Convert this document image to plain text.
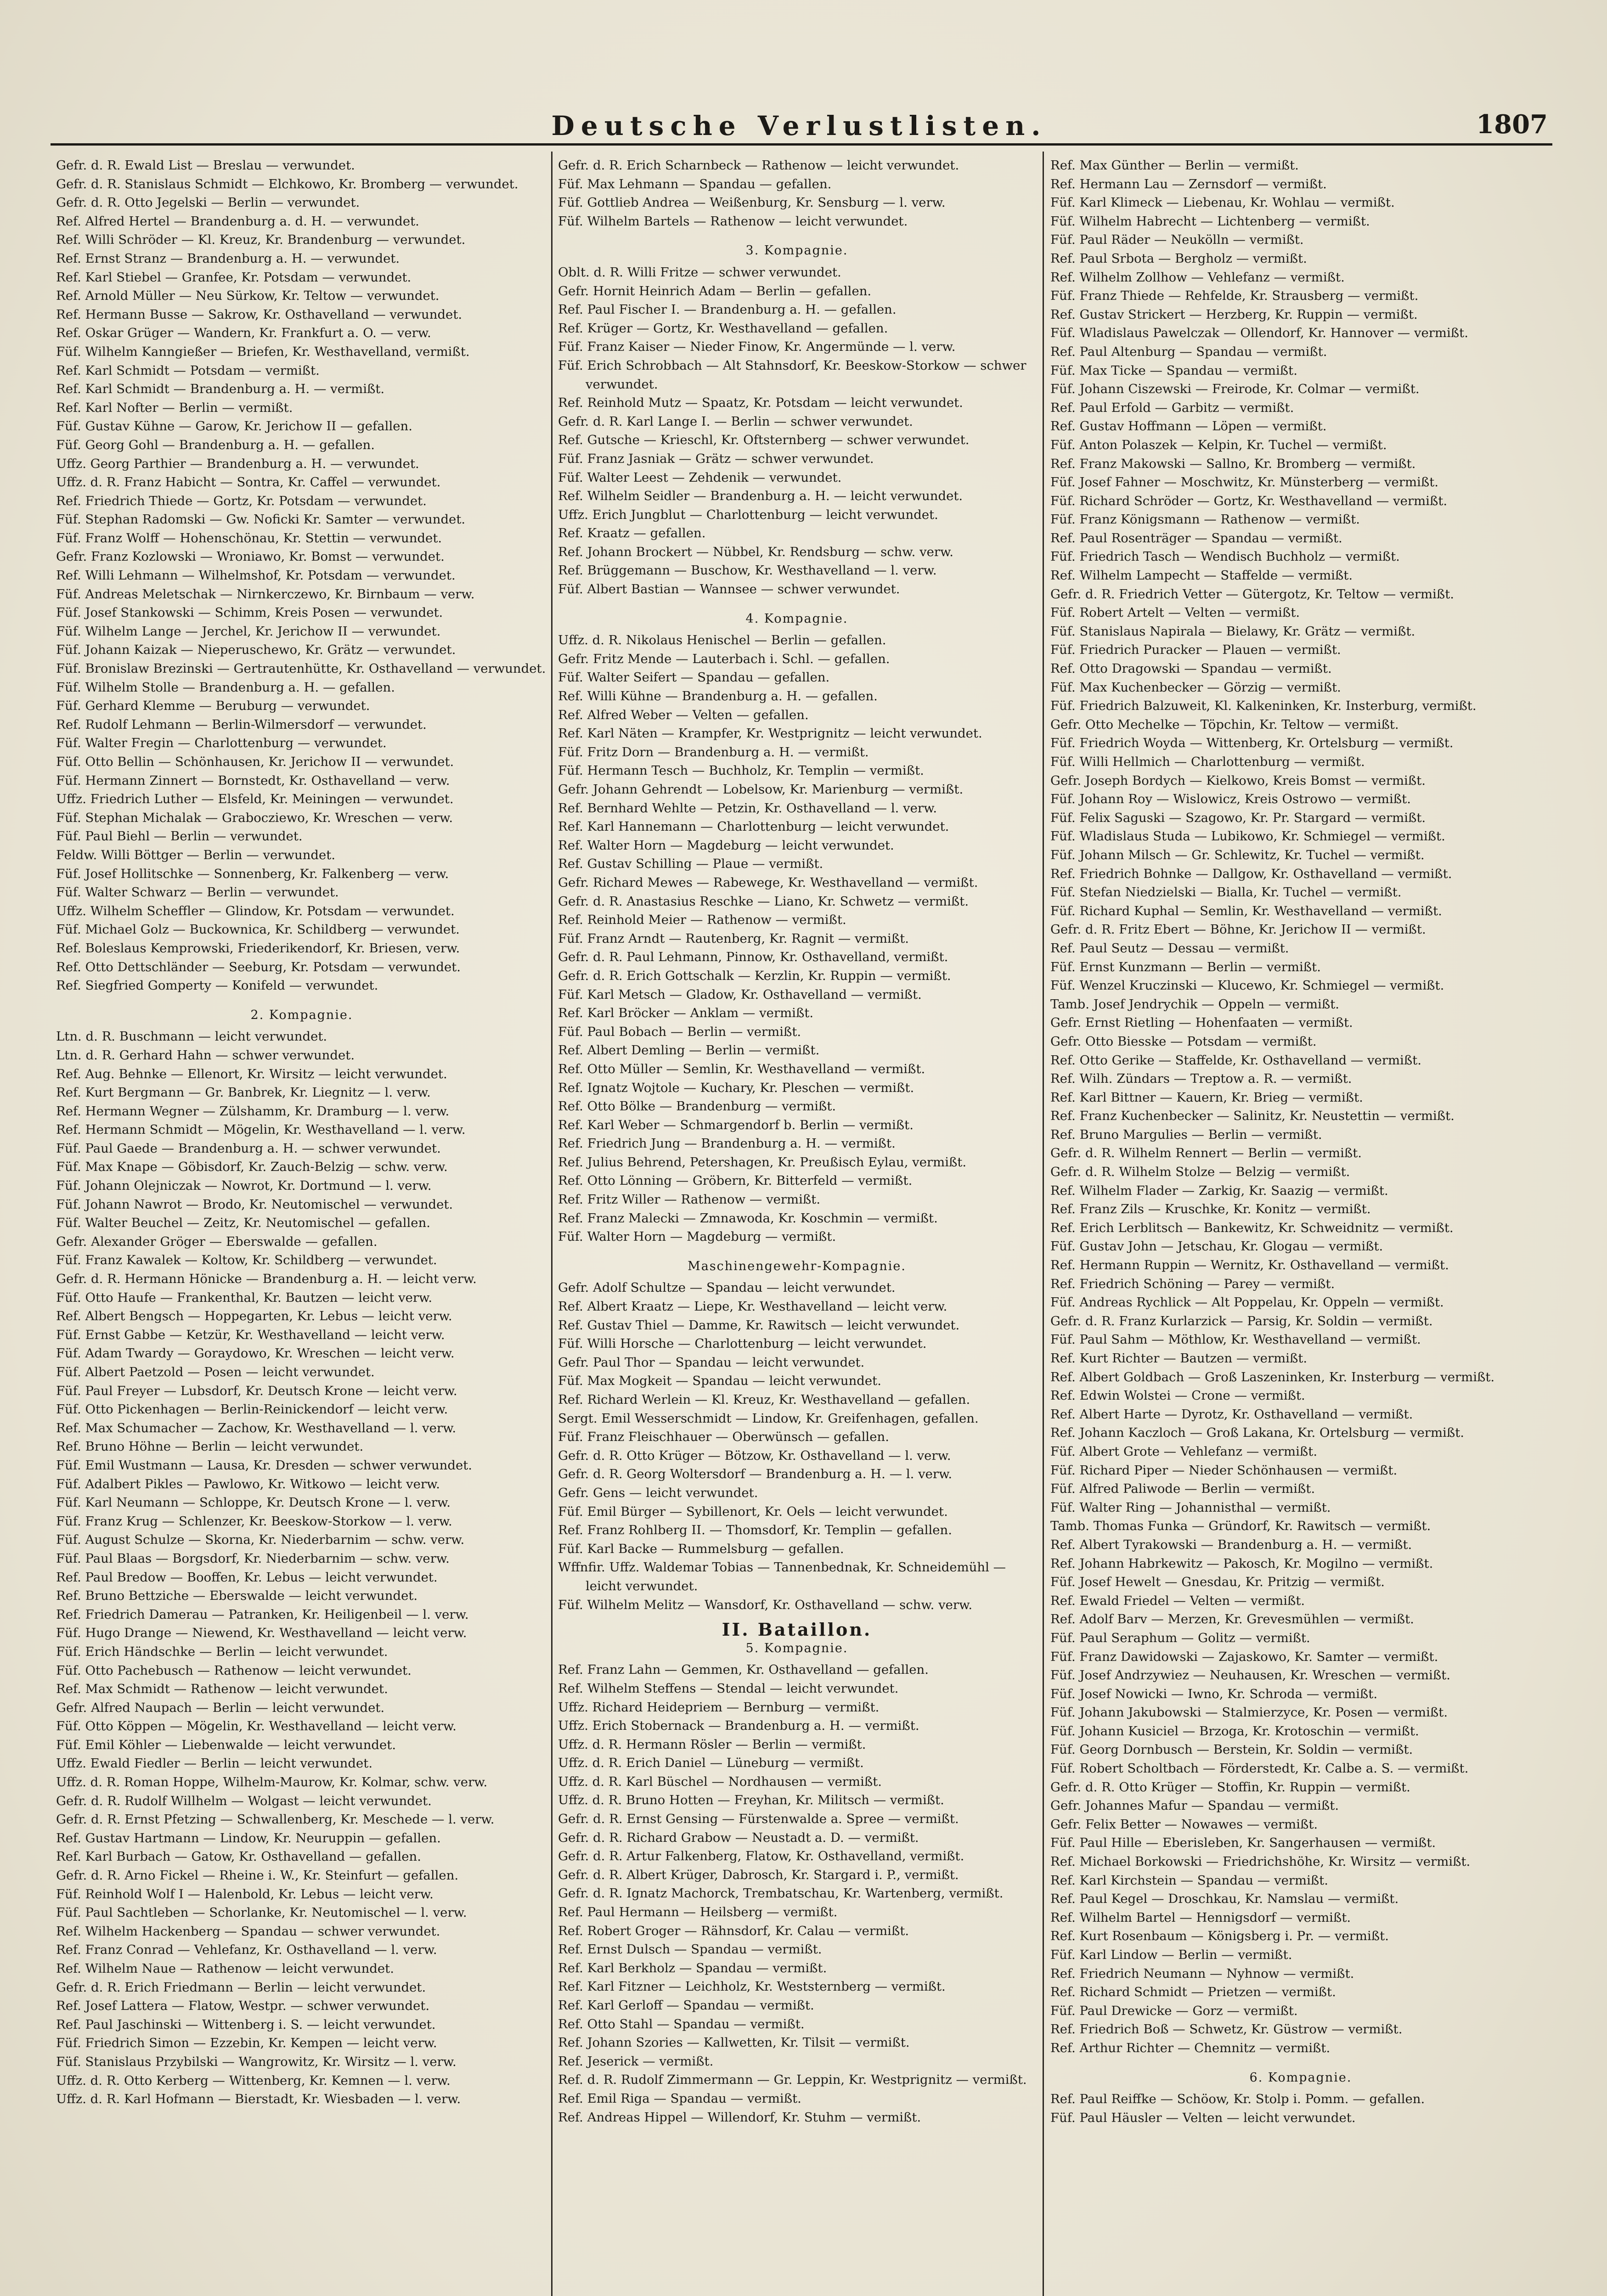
Deutsche Verlustlisten.	1807
Gefr. d. R. Ewald List — Breslau — verwundet.
Gefr. d. R. Stanislaus Schmidt — Elchkowo, Kr. Bromberg — verwundet.
Gefr. d. R. Otto Jegelski — Berlin — verwundet.
Ref. Alfred Hertel — Brandenburg a. d. H. — verwundet.
Ref. Willi Schröder — Kl. Kreuz, Kr. Brandenburg — verwundet.
Ref. Ernst Stranz — Brandenburg a. H. — verwundet.
Ref. Karl Stiebel — Granfee, Kr. Potsdam — verwundet.
Ref. Arnold Müller — Neu Sürkow, Kr. Teltow — verwundet.
Ref. Hermann Busse — Sakrow, Kr. Osthavelland — verwundet.
Ref. Oskar Grüger — Wandern, Kr. Frankfurt a. O. — verw.
Füf. Wilhelm Kanngießer — Briefen, Kr. Westhavelland, vermißt.
Ref. Karl Schmidt — Potsdam — vermißt.
Ref. Karl Schmidt — Brandenburg a. H. — vermißt.
Ref. Karl Nofter — Berlin — vermißt.
Füf. Gustav Kühne — Garow, Kr. Jerichow II — gefallen.
Füf. Georg Gohl — Brandenburg a. H. — gefallen.
Uffz. Georg Parthier — Brandenburg a. H. — verwundet.
Uffz. d. R. Franz Habicht — Sontra, Kr. Caffel — verwundet.
Ref. Friedrich Thiede — Gortz, Kr. Potsdam — verwundet.
Füf. Stephan Radomski — Gw. Noficki Kr. Samter — verwundet.
Füf. Franz Wolff — Hohenschönau, Kr. Stettin — verwundet.
Gefr. Franz Kozlowski — Wroniawo, Kr. Bomst — verwundet.
Ref. Willi Lehmann — Wilhelmshof, Kr. Potsdam — verwundet.
Füf. Andreas Meletschak — Nirnkerczewo, Kr. Birnbaum — verw.
Füf. Josef Stankowski — Schimm, Kreis Posen — verwundet.
Füf. Wilhelm Lange — Jerchel, Kr. Jerichow II — verwundet.
Füf. Johann Kaizak — Nieperuschewo, Kr. Grätz — verwundet.
Füf. Bronislaw Brezinski — Gertrautenhütte, Kr. Osthavelland — verwundet.
Füf. Wilhelm Stolle — Brandenburg a. H. — gefallen.
Füf. Gerhard Klemme — Beruburg — verwundet.
Ref. Rudolf Lehmann — Berlin-Wilmersdorf — verwundet.
Füf. Walter Fregin — Charlottenburg — verwundet.
Füf. Otto Bellin — Schönhausen, Kr. Jerichow II — verwundet.
Füf. Hermann Zinnert — Bornstedt, Kr. Osthavelland — verw.
Uffz. Friedrich Luther — Elsfeld, Kr. Meiningen — verwundet.
Füf. Stephan Michalak — Grabocziewo, Kr. Wreschen — verw.
Füf. Paul Biehl — Berlin — verwundet.
Feldw. Willi Böttger — Berlin — verwundet.
Füf. Josef Hollitschke — Sonnenberg, Kr. Falkenberg — verw.
Füf. Walter Schwarz — Berlin — verwundet.
Uffz. Wilhelm Scheffler — Glindow, Kr. Potsdam — verwundet.
Füf. Michael Golz — Buckownica, Kr. Schildberg — verwundet.
Ref. Boleslaus Kemprowski, Friederikendorf, Kr. Briesen, verw.
Ref. Otto Dettschländer — Seeburg, Kr. Potsdam — verwundet.
Ref. Siegfried Gomperty — Konifeld — verwundet.
2. Kompagnie.
Ltn. d. R. Buschmann — leicht verwundet.
Ltn. d. R. Gerhard Hahn — schwer verwundet.
Ref. Aug. Behnke — Ellenort, Kr. Wirsitz — leicht verwundet.
Ref. Kurt Bergmann — Gr. Banbrek, Kr. Liegnitz — l. verw.
Ref. Hermann Wegner — Zülshamm, Kr. Dramburg — l. verw.
Ref. Hermann Schmidt — Mögelin, Kr. Westhavelland — l. verw.
Füf. Paul Gaede — Brandenburg a. H. — schwer verwundet.
Füf. Max Knape — Göbisdorf, Kr. Zauch-Belzig — schw. verw.
Füf. Johann Olejniczak — Nowrot, Kr. Dortmund — l. verw.
Füf. Johann Nawrot — Brodo, Kr. Neutomischel — verwundet.
Füf. Walter Beuchel — Zeitz, Kr. Neutomischel — gefallen.
Gefr. Alexander Gröger — Eberswalde — gefallen.
Füf. Franz Kawalek — Koltow, Kr. Schildberg — verwundet.
Gefr. d. R. Hermann Hönicke — Brandenburg a. H. — leicht verw.
Füf. Otto Haufe — Frankenthal, Kr. Bautzen — leicht verw.
Ref. Albert Bengsch — Hoppegarten, Kr. Lebus — leicht verw.
Füf. Ernst Gabbe — Ketzür, Kr. Westhavelland — leicht verw.
Füf. Adam Twardy — Goraydowo, Kr. Wreschen — leicht verw.
Füf. Albert Paetzold — Posen — leicht verwundet.
Füf. Paul Freyer — Lubsdorf, Kr. Deutsch Krone — leicht verw.
Füf. Otto Pickenhagen — Berlin-Reinickendorf — leicht verw.
Ref. Max Schumacher — Zachow, Kr. Westhavelland — l. verw.
Ref. Bruno Höhne — Berlin — leicht verwundet.
Füf. Emil Wustmann — Lausa, Kr. Dresden — schwer verwundet.
Füf. Adalbert Pikles — Pawlowo, Kr. Witkowo — leicht verw.
Füf. Karl Neumann — Schloppe, Kr. Deutsch Krone — l. verw.
Füf. Franz Krug — Schlenzer, Kr. Beeskow-Storkow — l. verw.
Füf. August Schulze — Skorna, Kr. Niederbarnim — schw. verw.
Füf. Paul Blaas — Borgsdorf, Kr. Niederbarnim — schw. verw.
Ref. Paul Bredow — Booffen, Kr. Lebus — leicht verwundet.
Ref. Bruno Bettziche — Eberswalde — leicht verwundet.
Ref. Friedrich Damerau — Patranken, Kr. Heiligenbeil — l. verw.
Füf. Hugo Drange — Niewend, Kr. Westhavelland — leicht verw.
Füf. Erich Händschke — Berlin — leicht verwundet.
Füf. Otto Pachebusch — Rathenow — leicht verwundet.
Ref. Max Schmidt — Rathenow — leicht verwundet.
Gefr. Alfred Naupach — Berlin — leicht verwundet.
Füf. Otto Köppen — Mögelin, Kr. Westhavelland — leicht verw.
Füf. Emil Köhler — Liebenwalde — leicht verwundet.
Uffz. Ewald Fiedler — Berlin — leicht verwundet.
Uffz. d. R. Roman Hoppe, Wilhelm-Maurow, Kr. Kolmar, schw. verw.
Gefr. d. R. Rudolf Willhelm — Wolgast — leicht verwundet.
Gefr. d. R. Ernst Pfetzing — Schwallenberg, Kr. Meschede — l. verw.
Ref. Gustav Hartmann — Lindow, Kr. Neuruppin — gefallen.
Ref. Karl Burbach — Gatow, Kr. Osthavelland — gefallen.
Gefr. d. R. Arno Fickel — Rheine i. W., Kr. Steinfurt — gefallen.
Füf. Reinhold Wolf I — Halenbold, Kr. Lebus — leicht verw.
Füf. Paul Sachtleben — Schorlanke, Kr. Neutomischel — l. verw.
Ref. Wilhelm Hackenberg — Spandau — schwer verwundet.
Ref. Franz Conrad — Vehlefanz, Kr. Osthavelland — l. verw.
Ref. Wilhelm Naue — Rathenow — leicht verwundet.
Gefr. d. R. Erich Friedmann — Berlin — leicht verwundet.
Ref. Josef Lattera — Flatow, Westpr. — schwer verwundet.
Ref. Paul Jaschinski — Wittenberg i. S. — leicht verwundet.
Füf. Friedrich Simon — Ezzebin, Kr. Kempen — leicht verw.
Füf. Stanislaus Przybilski — Wangrowitz, Kr. Wirsitz — l. verw.
Uffz. d. R. Otto Kerberg — Wittenberg, Kr. Kemnen — l. verw.
Uffz. d. R. Karl Hofmann — Bierstadt, Kr. Wiesbaden — l. verw.
Gefr. d. R. Erich Scharnbeck — Rathenow — leicht verwundet.
Füf. Max Lehmann — Spandau — gefallen.
Füf. Gottlieb Andrea — Weißenburg, Kr. Sensburg — l. verw.
Füf. Wilhelm Bartels — Rathenow — leicht verwundet.
3. Kompagnie.
Oblt. d. R. Willi Fritze — schwer verwundet.
Gefr. Hornit Heinrich Adam — Berlin — gefallen.
Ref. Paul Fischer I. — Brandenburg a. H. — gefallen.
Ref. Krüger — Gortz, Kr. Westhavelland — gefallen.
Füf. Franz Kaiser — Nieder Finow, Kr. Angermünde — l. verw.
Füf. Erich Schrobbach — Alt Stahnsdorf, Kr. Beeskow-Storkow — schwer verwundet.
Ref. Reinhold Mutz — Spaatz, Kr. Potsdam — leicht verwundet.
Gefr. d. R. Karl Lange I. — Berlin — schwer verwundet.
Ref. Gutsche — Krieschl, Kr. Oftsternberg — schwer verwundet.
Füf. Franz Jasniak — Grätz — schwer verwundet.
Füf. Walter Leest — Zehdenik — verwundet.
Ref. Wilhelm Seidler — Brandenburg a. H. — leicht verwundet.
Uffz. Erich Jungblut — Charlottenburg — leicht verwundet.
Ref. Kraatz — gefallen.
Ref. Johann Brockert — Nübbel, Kr. Rendsburg — schw. verw.
Ref. Brüggemann — Buschow, Kr. Westhavelland — l. verw.
Füf. Albert Bastian — Wannsee — schwer verwundet.
4. Kompagnie.
Uffz. d. R. Nikolaus Henischel — Berlin — gefallen.
Gefr. Fritz Mende — Lauterbach i. Schl. — gefallen.
Füf. Walter Seifert — Spandau — gefallen.
Ref. Willi Kühne — Brandenburg a. H. — gefallen.
Ref. Alfred Weber — Velten — gefallen.
Ref. Karl Näten — Krampfer, Kr. Westprignitz — leicht verwundet.
Füf. Fritz Dorn — Brandenburg a. H. — vermißt.
Füf. Hermann Tesch — Buchholz, Kr. Templin — vermißt.
Gefr. Johann Gehrendt — Lobelsow, Kr. Marienburg — vermißt.
Ref. Bernhard Wehlte — Petzin, Kr. Osthavelland — l. verw.
Ref. Karl Hannemann — Charlottenburg — leicht verwundet.
Ref. Walter Horn — Magdeburg — leicht verwundet.
Ref. Gustav Schilling — Plaue — vermißt.
Gefr. Richard Mewes — Rabewege, Kr. Westhavelland — vermißt.
Gefr. d. R. Anastasius Reschke — Liano, Kr. Schwetz — vermißt.
Ref. Reinhold Meier — Rathenow — vermißt.
Füf. Franz Arndt — Rautenberg, Kr. Ragnit — vermißt.
Gefr. d. R. Paul Lehmann, Pinnow, Kr. Osthavelland, vermißt.
Gefr. d. R. Erich Gottschalk — Kerzlin, Kr. Ruppin — vermißt.
Füf. Karl Metsch — Gladow, Kr. Osthavelland — vermißt.
Ref. Karl Bröcker — Anklam — vermißt.
Füf. Paul Bobach — Berlin — vermißt.
Ref. Albert Demling — Berlin — vermißt.
Ref. Otto Müller — Semlin, Kr. Westhavelland — vermißt.
Ref. Ignatz Wojtole — Kuchary, Kr. Pleschen — vermißt.
Ref. Otto Bölke — Brandenburg — vermißt.
Ref. Karl Weber — Schmargendorf b. Berlin — vermißt.
Ref. Friedrich Jung — Brandenburg a. H. — vermißt.
Ref. Julius Behrend, Petershagen, Kr. Preußisch Eylau, vermißt.
Ref. Otto Lönning — Gröbern, Kr. Bitterfeld — vermißt.
Ref. Fritz Willer — Rathenow — vermißt.
Ref. Franz Malecki — Zmnawoda, Kr. Koschmin — vermißt.
Füf. Walter Horn — Magdeburg — vermißt.
Maschinengewehr-Kompagnie.
Gefr. Adolf Schultze — Spandau — leicht verwundet.
Ref. Albert Kraatz — Liepe, Kr. Westhavelland — leicht verw.
Ref. Gustav Thiel — Damme, Kr. Rawitsch — leicht verwundet.
Füf. Willi Horsche — Charlottenburg — leicht verwundet.
Gefr. Paul Thor — Spandau — leicht verwundet.
Füf. Max Mogkeit — Spandau — leicht verwundet.
Ref. Richard Werlein — Kl. Kreuz, Kr. Westhavelland — gefallen.
Sergt. Emil Wesserschmidt — Lindow, Kr. Greifenhagen, gefallen.
Füf. Franz Fleischhauer — Oberwünsch — gefallen.
Gefr. d. R. Otto Krüger — Bötzow, Kr. Osthavelland — l. verw.
Gefr. d. R. Georg Woltersdorf — Brandenburg a. H. — l. verw.
Gefr. Gens — leicht verwundet.
Füf. Emil Bürger — Sybillenort, Kr. Oels — leicht verwundet.
Ref. Franz Rohlberg II. — Thomsdorf, Kr. Templin — gefallen.
Füf. Karl Backe — Rummelsburg — gefallen.
Wffnfir. Uffz. Waldemar Tobias — Tannenbednak, Kr. Schneidemühl — leicht verwundet.
Füf. Wilhelm Melitz — Wansdorf, Kr. Osthavelland — schw. verw.
II. Bataillon.
5. Kompagnie.
Ref. Franz Lahn — Gemmen, Kr. Osthavelland — gefallen.
Ref. Wilhelm Steffens — Stendal — leicht verwundet.
Uffz. Richard Heidepriem — Bernburg — vermißt.
Uffz. Erich Stobernack — Brandenburg a. H. — vermißt.
Uffz. d. R. Hermann Rösler — Berlin — vermißt.
Uffz. d. R. Erich Daniel — Lüneburg — vermißt.
Uffz. d. R. Karl Büschel — Nordhausen — vermißt.
Uffz. d. R. Bruno Hotten — Freyhan, Kr. Militsch — vermißt.
Gefr. d. R. Ernst Gensing — Fürstenwalde a. Spree — vermißt.
Gefr. d. R. Richard Grabow — Neustadt a. D. — vermißt.
Gefr. d. R. Artur Falkenberg, Flatow, Kr. Osthavelland, vermißt.
Gefr. d. R. Albert Krüger, Dabrosch, Kr. Stargard i. P., vermißt.
Gefr. d. R. Ignatz Machorck, Trembatschau, Kr. Wartenberg, vermißt.
Ref. Paul Hermann — Heilsberg — vermißt.
Ref. Robert Groger — Rähnsdorf, Kr. Calau — vermißt.
Ref. Ernst Dulsch — Spandau — vermißt.
Ref. Karl Berkholz — Spandau — vermißt.
Ref. Karl Fitzner — Leichholz, Kr. Weststernberg — vermißt.
Ref. Karl Gerloff — Spandau — vermißt.
Ref. Otto Stahl — Spandau — vermißt.
Ref. Johann Szories — Kallwetten, Kr. Tilsit — vermißt.
Ref. Jeserick — vermißt.
Ref. d. R. Rudolf Zimmermann — Gr. Leppin, Kr. Westprignitz — vermißt.
Ref. Emil Riga — Spandau — vermißt.
Ref. Andreas Hippel — Willendorf, Kr. Stuhm — vermißt.
Ref. Max Günther — Berlin — vermißt.
Ref. Hermann Lau — Zernsdorf — vermißt.
Füf. Karl Klimeck — Liebenau, Kr. Wohlau — vermißt.
Füf. Wilhelm Habrecht — Lichtenberg — vermißt.
Füf. Paul Räder — Neukölln — vermißt.
Ref. Paul Srbota — Bergholz — vermißt.
Ref. Wilhelm Zollhow — Vehlefanz — vermißt.
Füf. Franz Thiede — Rehfelde, Kr. Strausberg — vermißt.
Ref. Gustav Strickert — Herzberg, Kr. Ruppin — vermißt.
Füf. Wladislaus Pawelczak — Ollendorf, Kr. Hannover — vermißt.
Ref. Paul Altenburg — Spandau — vermißt.
Füf. Max Ticke — Spandau — vermißt.
Füf. Johann Ciszewski — Freirode, Kr. Colmar — vermißt.
Ref. Paul Erfold — Garbitz — vermißt.
Ref. Gustav Hoffmann — Löpen — vermißt.
Füf. Anton Polaszek — Kelpin, Kr. Tuchel — vermißt.
Ref. Franz Makowski — Sallno, Kr. Bromberg — vermißt.
Füf. Josef Fahner — Moschwitz, Kr. Münsterberg — vermißt.
Füf. Richard Schröder — Gortz, Kr. Westhavelland — vermißt.
Füf. Franz Königsmann — Rathenow — vermißt.
Ref. Paul Rosenträger — Spandau — vermißt.
Füf. Friedrich Tasch — Wendisch Buchholz — vermißt.
Ref. Wilhelm Lampecht — Staffelde — vermißt.
Gefr. d. R. Friedrich Vetter — Gütergotz, Kr. Teltow — vermißt.
Füf. Robert Artelt — Velten — vermißt.
Füf. Stanislaus Napirala — Bielawy, Kr. Grätz — vermißt.
Füf. Friedrich Puracker — Plauen — vermißt.
Ref. Otto Dragowski — Spandau — vermißt.
Füf. Max Kuchenbecker — Görzig — vermißt.
Füf. Friedrich Balzuweit, Kl. Kalkeninken, Kr. Insterburg, vermißt.
Gefr. Otto Mechelke — Töpchin, Kr. Teltow — vermißt.
Füf. Friedrich Woyda — Wittenberg, Kr. Ortelsburg — vermißt.
Füf. Willi Hellmich — Charlottenburg — vermißt.
Gefr. Joseph Bordych — Kielkowo, Kreis Bomst — vermißt.
Füf. Johann Roy — Wislowicz, Kreis Ostrowo — vermißt.
Füf. Felix Saguski — Szagowo, Kr. Pr. Stargard — vermißt.
Füf. Wladislaus Studa — Lubikowo, Kr. Schmiegel — vermißt.
Füf. Johann Milsch — Gr. Schlewitz, Kr. Tuchel — vermißt.
Ref. Friedrich Bohnke — Dallgow, Kr. Osthavelland — vermißt.
Füf. Stefan Niedzielski — Bialla, Kr. Tuchel — vermißt.
Füf. Richard Kuphal — Semlin, Kr. Westhavelland — vermißt.
Gefr. d. R. Fritz Ebert — Böhne, Kr. Jerichow II — vermißt.
Ref. Paul Seutz — Dessau — vermißt.
Füf. Ernst Kunzmann — Berlin — vermißt.
Füf. Wenzel Kruczinski — Klucewo, Kr. Schmiegel — vermißt.
Tamb. Josef Jendrychik — Oppeln — vermißt.
Gefr. Ernst Rietling — Hohenfaaten — vermißt.
Gefr. Otto Biesske — Potsdam — vermißt.
Ref. Otto Gerike — Staffelde, Kr. Osthavelland — vermißt.
Ref. Wilh. Zündars — Treptow a. R. — vermißt.
Ref. Karl Bittner — Kauern, Kr. Brieg — vermißt.
Ref. Franz Kuchenbecker — Salinitz, Kr. Neustettin — vermißt.
Ref. Bruno Margulies — Berlin — vermißt.
Gefr. d. R. Wilhelm Rennert — Berlin — vermißt.
Gefr. d. R. Wilhelm Stolze — Belzig — vermißt.
Ref. Wilhelm Flader — Zarkig, Kr. Saazig — vermißt.
Ref. Franz Zils — Kruschke, Kr. Konitz — vermißt.
Ref. Erich Lerblitsch — Bankewitz, Kr. Schweidnitz — vermißt.
Füf. Gustav John — Jetschau, Kr. Glogau — vermißt.
Ref. Hermann Ruppin — Wernitz, Kr. Osthavelland — vermißt.
Ref. Friedrich Schöning — Parey — vermißt.
Füf. Andreas Rychlick — Alt Poppelau, Kr. Oppeln — vermißt.
Gefr. d. R. Franz Kurlarzick — Parsig, Kr. Soldin — vermißt.
Füf. Paul Sahm — Möthlow, Kr. Westhavelland — vermißt.
Ref. Kurt Richter — Bautzen — vermißt.
Ref. Albert Goldbach — Groß Laszeninken, Kr. Insterburg — vermißt.
Ref. Edwin Wolstei — Crone — vermißt.
Ref. Albert Harte — Dyrotz, Kr. Osthavelland — vermißt.
Ref. Johann Kaczloch — Groß Lakana, Kr. Ortelsburg — vermißt.
Füf. Albert Grote — Vehlefanz — vermißt.
Füf. Richard Piper — Nieder Schönhausen — vermißt.
Füf. Alfred Paliwode — Berlin — vermißt.
Füf. Walter Ring — Johannisthal — vermißt.
Tamb. Thomas Funka — Gründorf, Kr. Rawitsch — vermißt.
Ref. Albert Tyrakowski — Brandenburg a. H. — vermißt.
Ref. Johann Habrkewitz — Pakosch, Kr. Mogilno — vermißt.
Füf. Josef Hewelt — Gnesdau, Kr. Pritzig — vermißt.
Ref. Ewald Friedel — Velten — vermißt.
Ref. Adolf Barv — Merzen, Kr. Grevesmühlen — vermißt.
Füf. Paul Seraphum — Golitz — vermißt.
Füf. Franz Dawidowski — Zajaskowo, Kr. Samter — vermißt.
Füf. Josef Andrzywiez — Neuhausen, Kr. Wreschen — vermißt.
Füf. Josef Nowicki — Iwno, Kr. Schroda — vermißt.
Füf. Johann Jakubowski — Stalmierzyce, Kr. Posen — vermißt.
Füf. Johann Kusiciel — Brzoga, Kr. Krotoschin — vermißt.
Füf. Georg Dornbusch — Berstein, Kr. Soldin — vermißt.
Füf. Robert Scholtbach — Förderstedt, Kr. Calbe a. S. — vermißt.
Gefr. d. R. Otto Krüger — Stoffin, Kr. Ruppin — vermißt.
Gefr. Johannes Mafur — Spandau — vermißt.
Gefr. Felix Better — Nowawes — vermißt.
Füf. Paul Hille — Eberisleben, Kr. Sangerhausen — vermißt.
Ref. Michael Borkowski — Friedrichshöhe, Kr. Wirsitz — vermißt.
Ref. Karl Kirchstein — Spandau — vermißt.
Ref. Paul Kegel — Droschkau, Kr. Namslau — vermißt.
Ref. Wilhelm Bartel — Hennigsdorf — vermißt.
Ref. Kurt Rosenbaum — Königsberg i. Pr. — vermißt.
Füf. Karl Lindow — Berlin — vermißt.
Ref. Friedrich Neumann — Nyhnow — vermißt.
Ref. Richard Schmidt — Prietzen — vermißt.
Füf. Paul Drewicke — Gorz — vermißt.
Ref. Friedrich Boß — Schwetz, Kr. Güstrow — vermißt.
Ref. Arthur Richter — Chemnitz — vermißt.
6. Kompagnie.
Ref. Paul Reiffke — Schöow, Kr. Stolp i. Pomm. — gefallen.
Füf. Paul Häusler — Velten — leicht verwundet.
